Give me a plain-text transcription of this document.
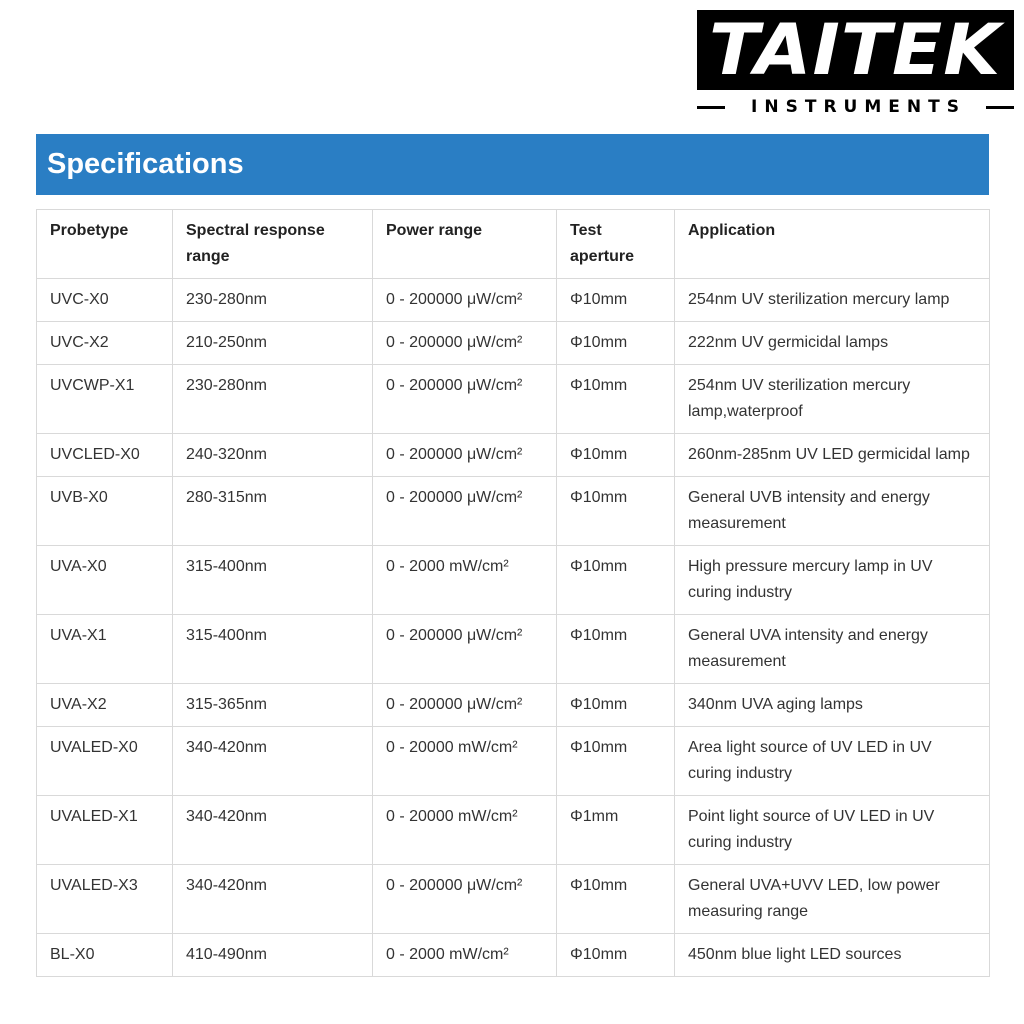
TAITEK
INSTRUMENTS
Specifications
Probetype	Spectral response range	Power range	Test aperture	Application
UVC-X0	230-280nm	0 - 200000 μW/cm²	Φ10mm	254nm UV sterilization mercury lamp
UVC-X2	210-250nm	0 - 200000 μW/cm²	Φ10mm	222nm UV germicidal lamps
UVCWP-X1	230-280nm	0 - 200000 μW/cm²	Φ10mm	254nm UV sterilization mercury lamp,waterproof
UVCLED-X0	240-320nm	0 - 200000 μW/cm²	Φ10mm	260nm-285nm UV LED germicidal lamp
UVB-X0	280-315nm	0 - 200000 μW/cm²	Φ10mm	General UVB intensity and energy measurement
UVA-X0	315-400nm	0 - 2000 mW/cm²	Φ10mm	High pressure mercury lamp in UV curing industry
UVA-X1	315-400nm	0 - 200000 μW/cm²	Φ10mm	General UVA intensity and energy measurement
UVA-X2	315-365nm	0 - 200000 μW/cm²	Φ10mm	340nm UVA aging lamps
UVALED-X0	340-420nm	0 - 20000 mW/cm²	Φ10mm	Area light source of UV LED in UV curing industry
UVALED-X1	340-420nm	0 - 20000 mW/cm²	Φ1mm	Point light source of UV LED in UV curing industry
UVALED-X3	340-420nm	0 - 200000 μW/cm²	Φ10mm	General UVA+UVV LED, low power measuring range
BL-X0	410-490nm	0 - 2000 mW/cm²	Φ10mm	450nm blue light LED sources
